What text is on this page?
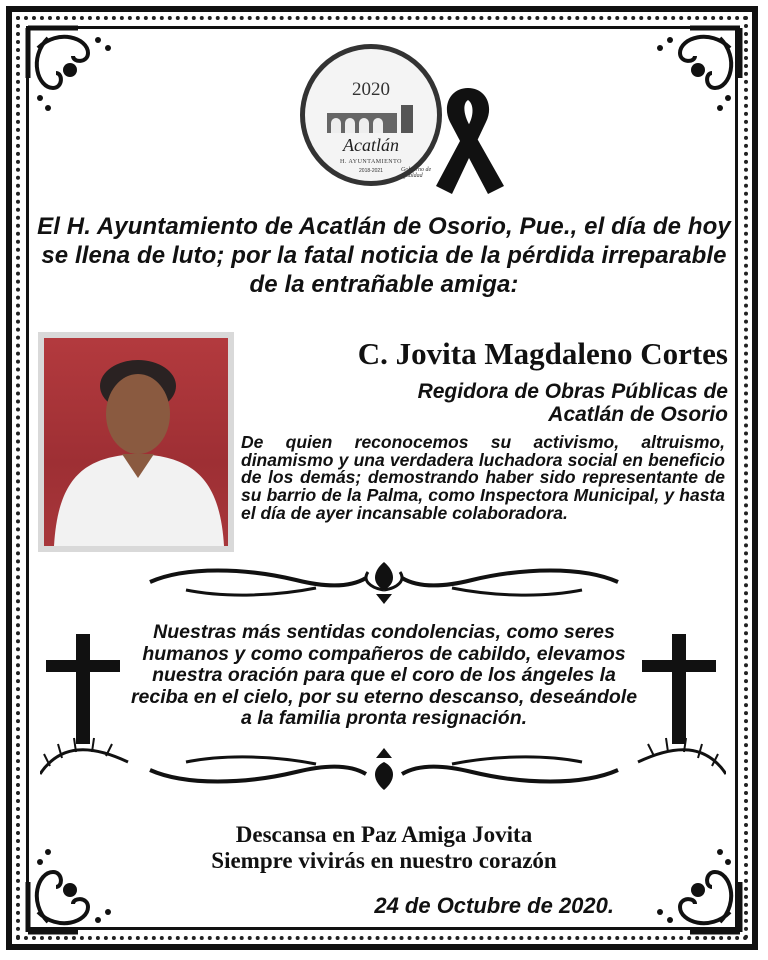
2020
Acatlán
H. AYUNTAMIENTO
2018-2021	Gobierno de Igualdad
El H. Ayuntamiento de Acatlán de Osorio, Pue., el día de hoy se llena de luto; por la fatal noticia de la pérdida irreparable de la entrañable amiga:
C. Jovita Magdaleno Cortes
Regidora de Obras Públicas de
Acatlán de Osorio
De quien reconocemos su activismo, altruismo, dinamismo y una verdadera luchadora social en beneficio de los demás; demostrando haber sido representante de su barrio de la Palma, como Inspectora Municipal, y hasta el día de ayer incansable colaboradora.
Nuestras más sentidas condolencias, como seres humanos y como compañeros de cabildo, elevamos nuestra oración para que el coro de los ángeles la reciba en el cielo, por su eterno descanso, deseándole a la familia pronta resignación.
Descansa en Paz Amiga Jovita
Siempre vivirás en nuestro corazón
24 de Octubre de 2020.
